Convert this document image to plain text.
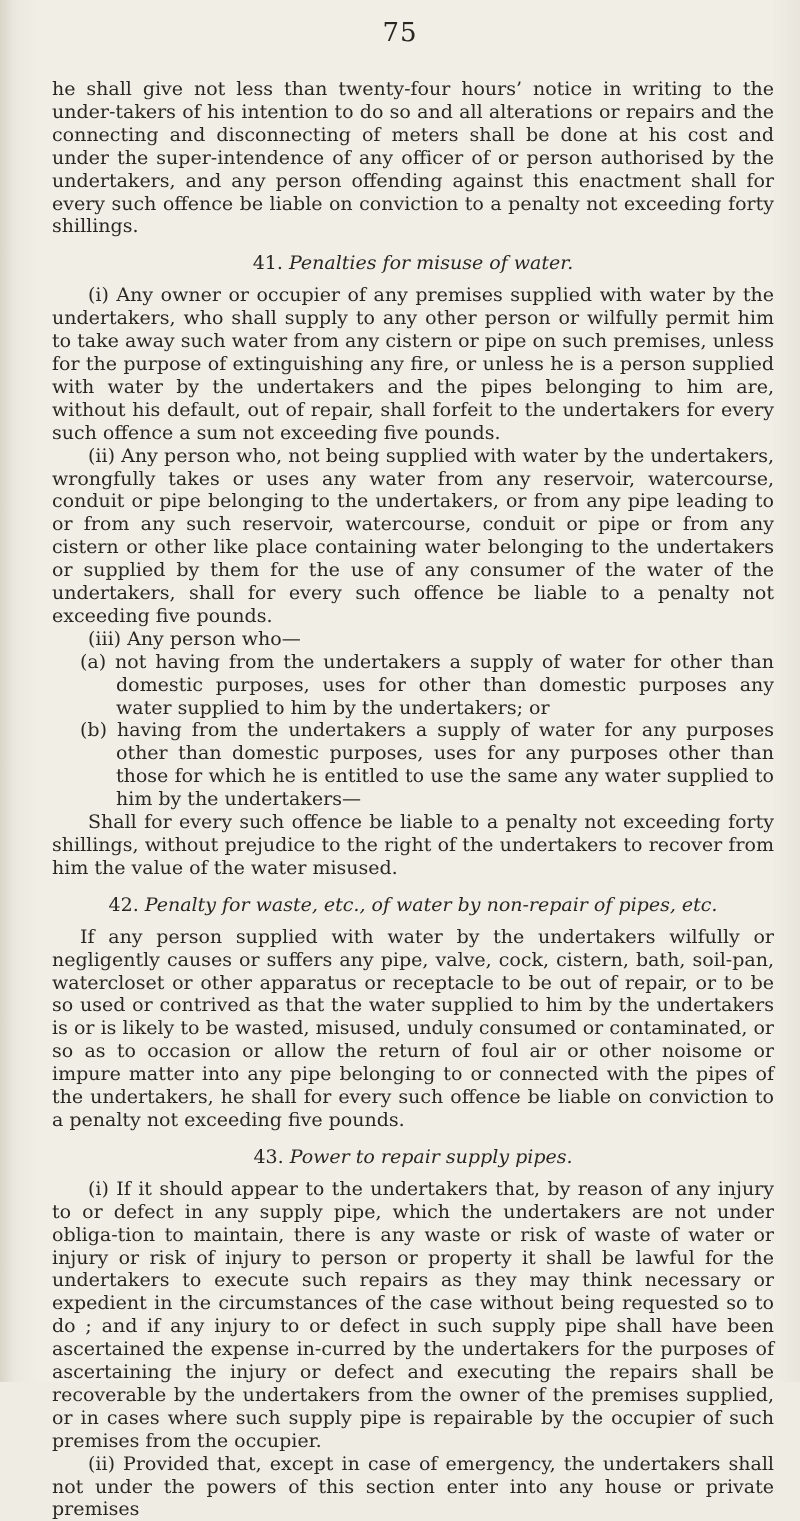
75

he shall give not less than twenty-four hours’ notice in writing to the under-takers of his intention to do so and all alterations or repairs and the connecting and disconnecting of meters shall be done at his cost and under the super-intendence of any officer of or person authorised by the undertakers, and any person offending against this enactment shall for every such offence be liable on conviction to a penalty not exceeding forty shillings.

41. Penalties for misuse of water.

(i) Any owner or occupier of any premises supplied with water by the undertakers, who shall supply to any other person or wilfully permit him to take away such water from any cistern or pipe on such premises, unless for the purpose of extinguishing any fire, or unless he is a person supplied with water by the undertakers and the pipes belonging to him are, without his default, out of repair, shall forfeit to the undertakers for every such offence a sum not exceeding five pounds.

(ii) Any person who, not being supplied with water by the undertakers, wrongfully takes or uses any water from any reservoir, watercourse, conduit or pipe belonging to the undertakers, or from any pipe leading to or from any such reservoir, watercourse, conduit or pipe or from any cistern or other like place containing water belonging to the undertakers or supplied by them for the use of any consumer of the water of the undertakers, shall for every such offence be liable to a penalty not exceeding five pounds.

(iii) Any person who—

(a) not having from the undertakers a supply of water for other than domestic purposes, uses for other than domestic purposes any water supplied to him by the undertakers; or

(b) having from the undertakers a supply of water for any purposes other than domestic purposes, uses for any purposes other than those for which he is entitled to use the same any water supplied to him by the undertakers—

Shall for every such offence be liable to a penalty not exceeding forty shillings, without prejudice to the right of the undertakers to recover from him the value of the water misused.

42. Penalty for waste, etc., of water by non-repair of pipes, etc.

If any person supplied with water by the undertakers wilfully or negligently causes or suffers any pipe, valve, cock, cistern, bath, soil-pan, watercloset or other apparatus or receptacle to be out of repair, or to be so used or contrived as that the water supplied to him by the undertakers is or is likely to be wasted, misused, unduly consumed or contaminated, or so as to occasion or allow the return of foul air or other noisome or impure matter into any pipe belonging to or connected with the pipes of the undertakers, he shall for every such offence be liable on conviction to a penalty not exceeding five pounds.

43. Power to repair supply pipes.

(i) If it should appear to the undertakers that, by reason of any injury to or defect in any supply pipe, which the undertakers are not under obliga-tion to maintain, there is any waste or risk of waste of water or injury or risk of injury to person or property it shall be lawful for the undertakers to execute such repairs as they may think necessary or expedient in the circumstances of the case without being requested so to do ; and if any injury to or defect in such supply pipe shall have been ascertained the expense in-curred by the undertakers for the purposes of ascertaining the injury or defect and executing the repairs shall be recoverable by the undertakers from the owner of the premises supplied, or in cases where such supply pipe is repairable by the occupier of such premises from the occupier.

(ii) Provided that, except in case of emergency, the undertakers shall not under the powers of this section enter into any house or private premises
